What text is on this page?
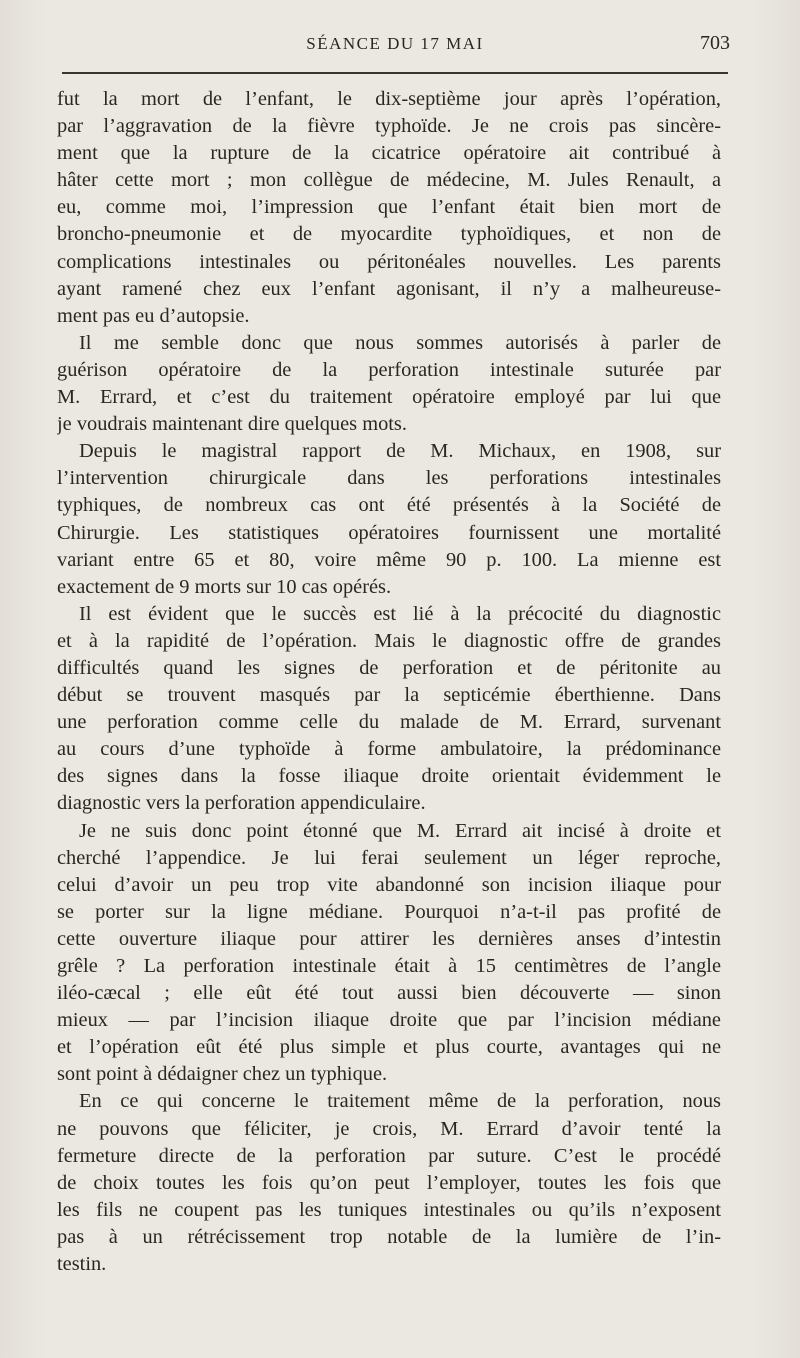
SÉANCE DU 17 MAI	703
fut la mort de l’enfant, le dix-septième jour après l’opération,
par l’aggravation de la fièvre typhoïde. Je ne crois pas sincère-
ment que la rupture de la cicatrice opératoire ait contribué à
hâter cette mort ; mon collègue de médecine, M. Jules Renault, a
eu, comme moi, l’impression que l’enfant était bien mort de
broncho-pneumonie et de myocardite typhoïdiques, et non de
complications intestinales ou péritonéales nouvelles. Les parents
ayant ramené chez eux l’enfant agonisant, il n’y a malheureuse-
ment pas eu d’autopsie.
Il me semble donc que nous sommes autorisés à parler de
guérison opératoire de la perforation intestinale suturée par
M. Errard, et c’est du traitement opératoire employé par lui que
je voudrais maintenant dire quelques mots.
Depuis le magistral rapport de M. Michaux, en 1908, sur
l’intervention chirurgicale dans les perforations intestinales
typhiques, de nombreux cas ont été présentés à la Société de
Chirurgie. Les statistiques opératoires fournissent une mortalité
variant entre 65 et 80, voire même 90 p. 100. La mienne est
exactement de 9 morts sur 10 cas opérés.
Il est évident que le succès est lié à la précocité du diagnostic
et à la rapidité de l’opération. Mais le diagnostic offre de grandes
difficultés quand les signes de perforation et de péritonite au
début se trouvent masqués par la septicémie éberthienne. Dans
une perforation comme celle du malade de M. Errard, survenant
au cours d’une typhoïde à forme ambulatoire, la prédominance
des signes dans la fosse iliaque droite orientait évidemment le
diagnostic vers la perforation appendiculaire.
Je ne suis donc point étonné que M. Errard ait incisé à droite et
cherché l’appendice. Je lui ferai seulement un léger reproche,
celui d’avoir un peu trop vite abandonné son incision iliaque pour
se porter sur la ligne médiane. Pourquoi n’a-t-il pas profité de
cette ouverture iliaque pour attirer les dernières anses d’intestin
grêle ? La perforation intestinale était à 15 centimètres de l’angle
iléo-cæcal ; elle eût été tout aussi bien découverte — sinon
mieux — par l’incision iliaque droite que par l’incision médiane
et l’opération eût été plus simple et plus courte, avantages qui ne
sont point à dédaigner chez un typhique.
En ce qui concerne le traitement même de la perforation, nous
ne pouvons que féliciter, je crois, M. Errard d’avoir tenté la
fermeture directe de la perforation par suture. C’est le procédé
de choix toutes les fois qu’on peut l’employer, toutes les fois que
les fils ne coupent pas les tuniques intestinales ou qu’ils n’exposent
pas à un rétrécissement trop notable de la lumière de l’in-
testin.
